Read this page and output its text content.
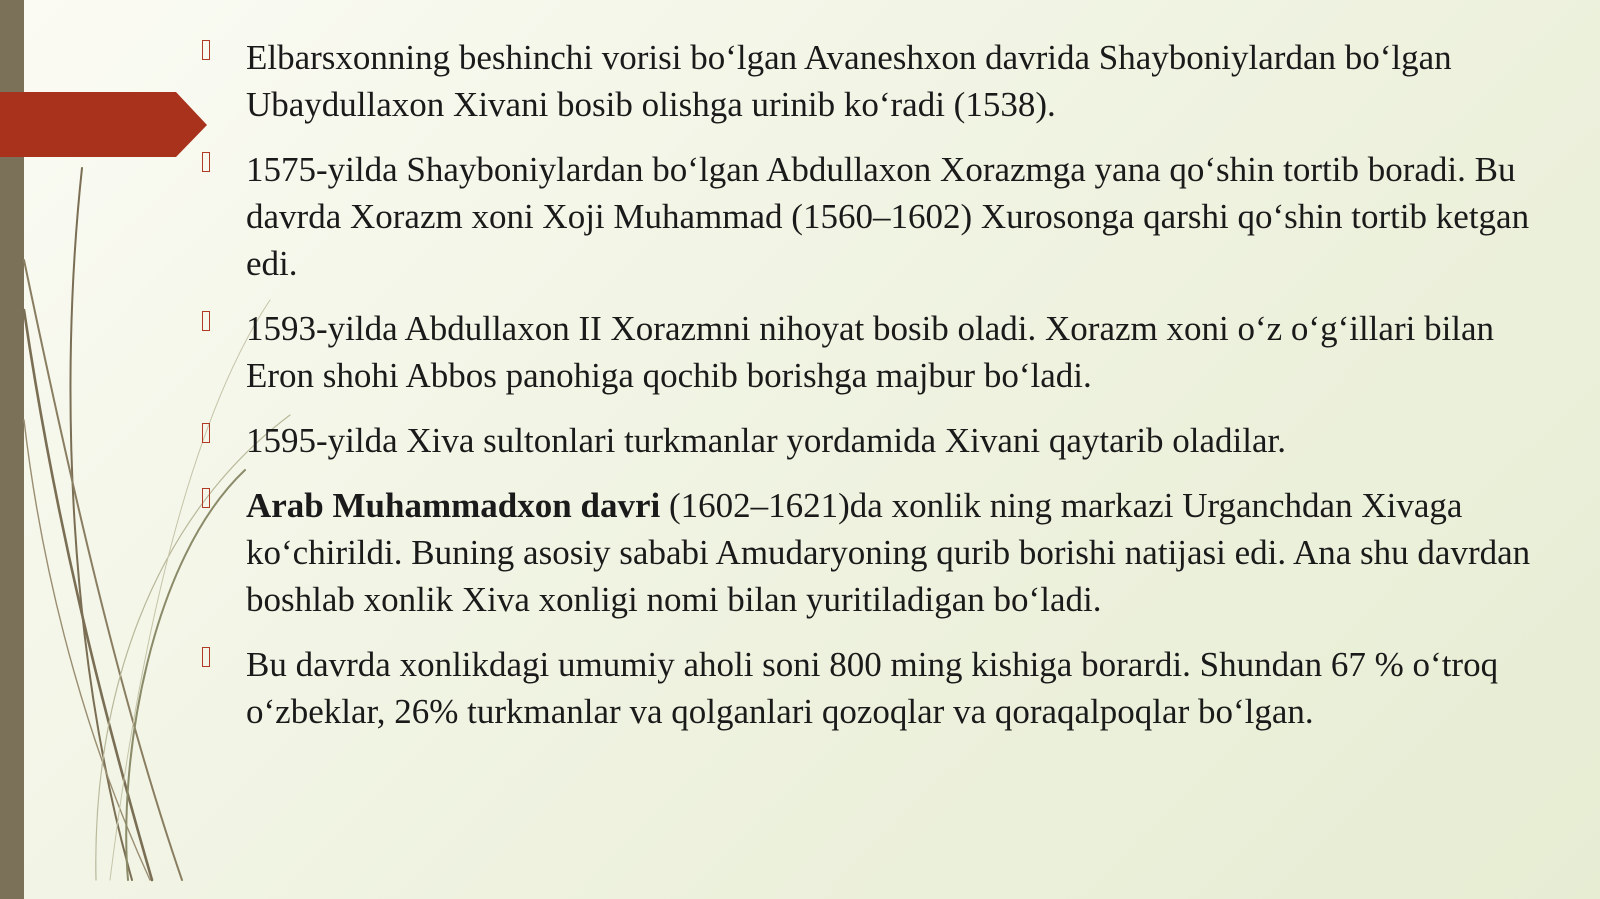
Elbarsxonning beshinchi vorisi bo‘lgan Avaneshxon davrida Shayboniylardan bo‘lgan Ubaydullaxon Xivani bosib olishga urinib ko‘radi (1538).
1575-yilda Shayboniylardan bo‘lgan Abdullaxon Xorazmga yana qo‘shin tortib boradi. Bu davrda Xorazm xoni Xoji Muhammad (1560–1602) Xurosonga qarshi qo‘shin tortib ketgan edi.
1593-yilda Abdullaxon II Xorazmni nihoyat bosib oladi. Xorazm xoni o‘z o‘g‘illari bilan Eron shohi Abbos panohiga qochib borishga majbur bo‘ladi.
1595-yilda Xiva sultonlari turkmanlar yordamida Xivani qaytarib oladilar.
Arab Muhammadxon davri (1602–1621)da xonlik ning markazi Urganchdan Xivaga ko‘chirildi. Buning asosiy sababi Amudaryoning qurib borishi natijasi edi. Ana shu davrdan boshlab xonlik Xiva xonligi nomi bilan yuritiladigan bo‘ladi.
Bu davrda xonlikdagi umumiy aholi soni 800 ming kishiga borardi. Shundan 67 % o‘troq o‘zbeklar, 26% turkmanlar va qolganlari qozoqlar va qoraqalpoqlar bo‘lgan.
